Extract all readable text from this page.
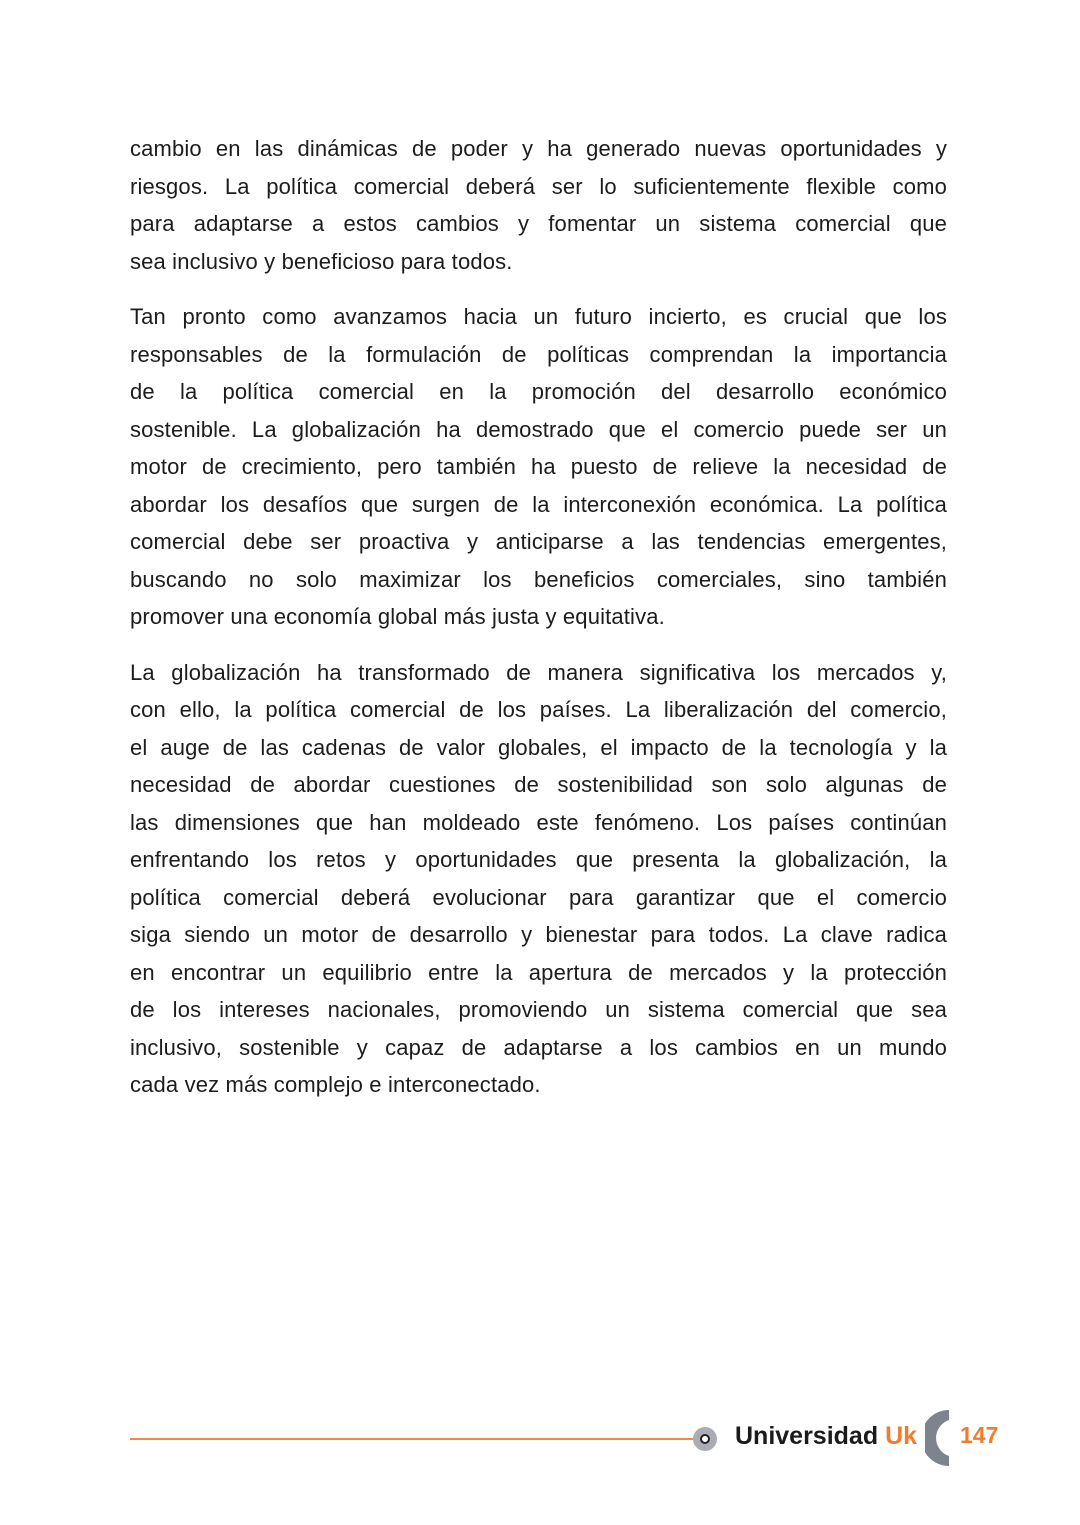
cambio en las dinámicas de poder y ha generado nuevas oportunidades y
riesgos. La política comercial deberá ser lo suficientemente flexible como
para adaptarse a estos cambios y fomentar un sistema comercial que
sea inclusivo y beneficioso para todos.
Tan pronto como avanzamos hacia un futuro incierto, es crucial que los
responsables de la formulación de políticas comprendan la importancia
de la política comercial en la promoción del desarrollo económico
sostenible. La globalización ha demostrado que el comercio puede ser un
motor de crecimiento, pero también ha puesto de relieve la necesidad de
abordar los desafíos que surgen de la interconexión económica. La política
comercial debe ser proactiva y anticiparse a las tendencias emergentes,
buscando no solo maximizar los beneficios comerciales, sino también
promover una economía global más justa y equitativa.
La globalización ha transformado de manera significativa los mercados y,
con ello, la política comercial de los países. La liberalización del comercio,
el auge de las cadenas de valor globales, el impacto de la tecnología y la
necesidad de abordar cuestiones de sostenibilidad son solo algunas de
las dimensiones que han moldeado este fenómeno. Los países continúan
enfrentando los retos y oportunidades que presenta la globalización, la
política comercial deberá evolucionar para garantizar que el comercio
siga siendo un motor de desarrollo y bienestar para todos. La clave radica
en encontrar un equilibrio entre la apertura de mercados y la protección
de los intereses nacionales, promoviendo un sistema comercial que sea
inclusivo, sostenible y capaz de adaptarse a los cambios en un mundo
cada vez más complejo e interconectado.
Universidad Uk 147
